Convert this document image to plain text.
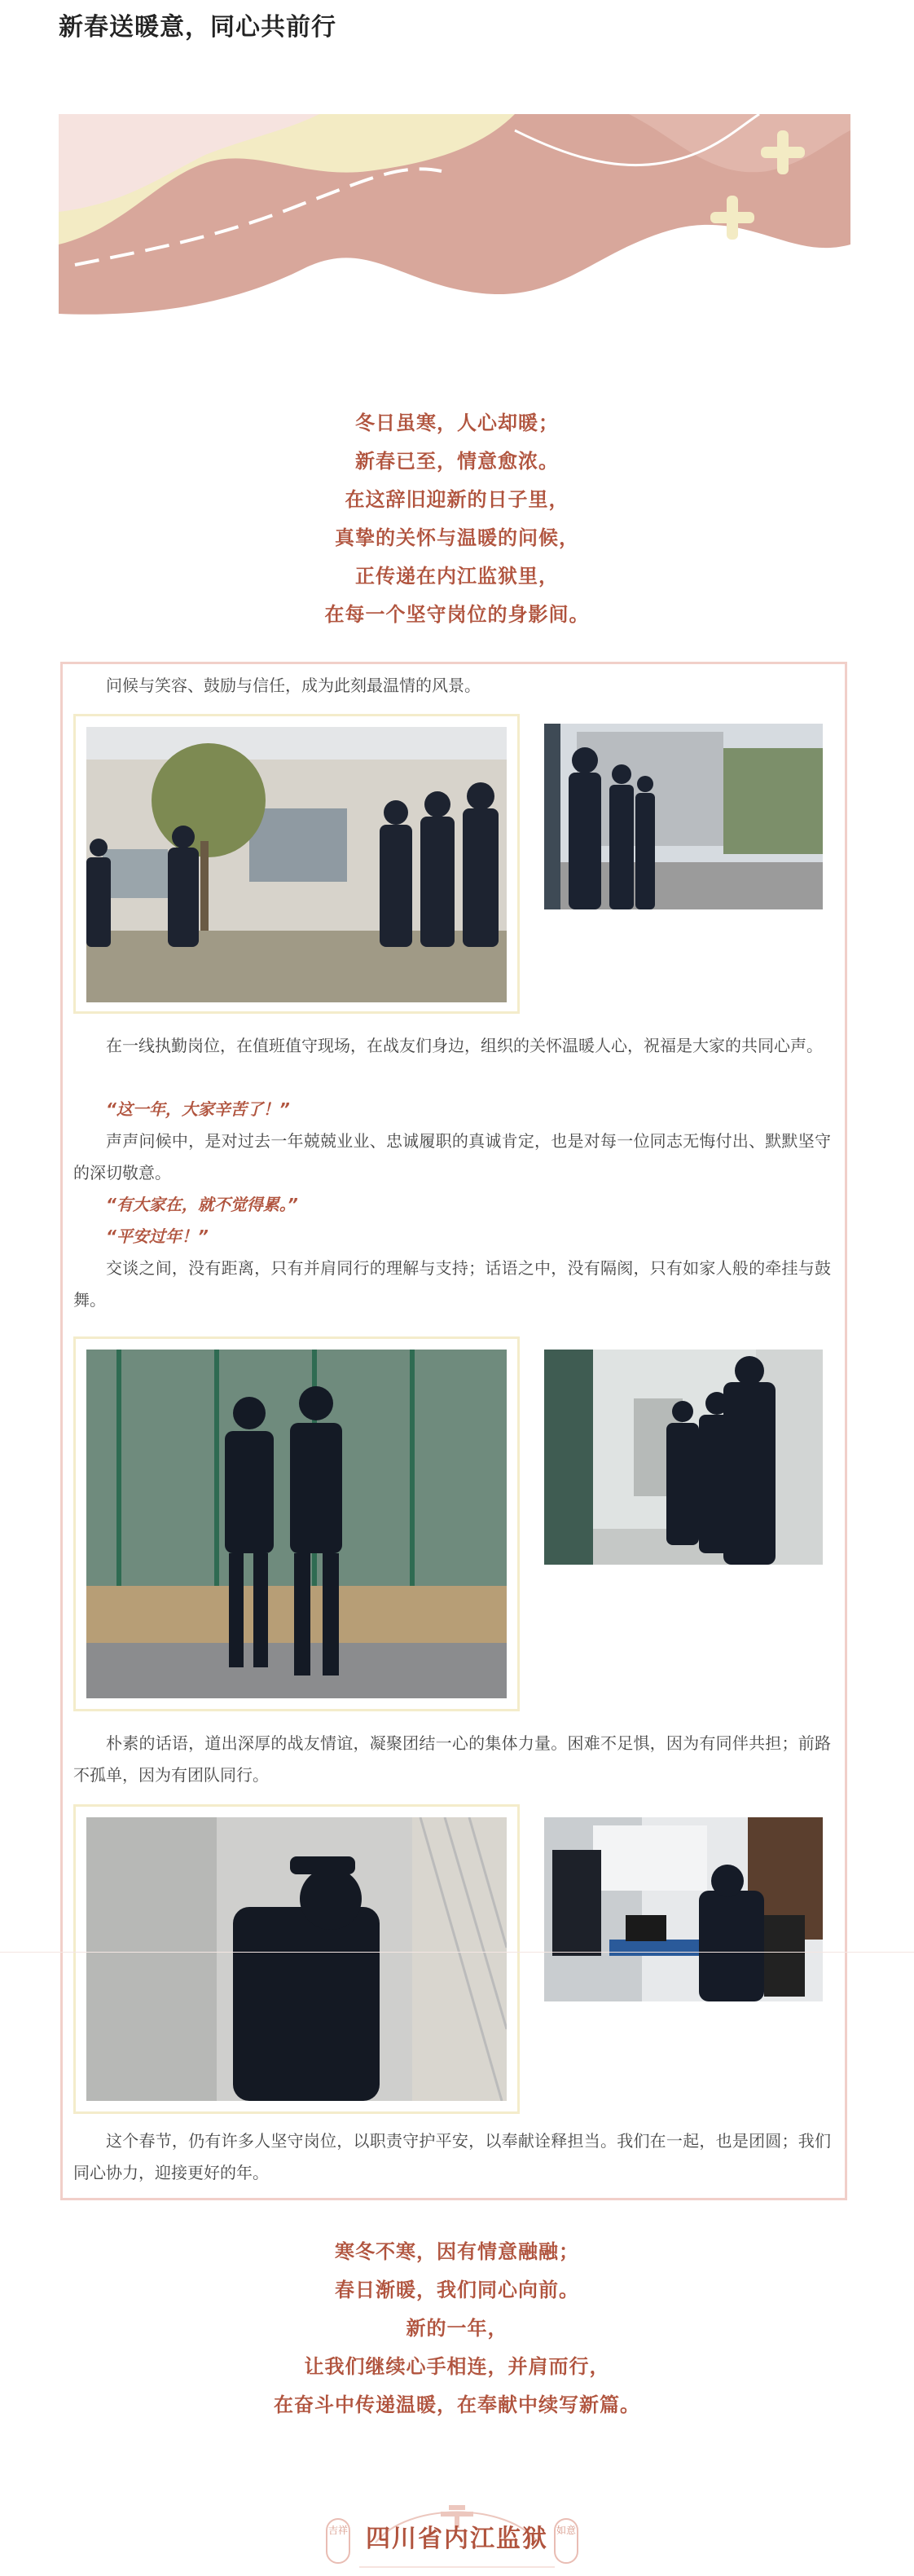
新春送暖意，同心共前行
冬日虽寒，人心却暖；
新春已至，情意愈浓。
在这辞旧迎新的日子里，
真挚的关怀与温暖的问候，
正传递在内江监狱里，
在每一个坚守岗位的身影间。
问候与笑容、鼓励与信任，成为此刻最温情的风景。
在一线执勤岗位，在值班值守现场，在战友们身边，组织的关怀温暖人心，祝福是大家的共同心声。
“这一年，大家辛苦了！”
声声问候中，是对过去一年兢兢业业、忠诚履职的真诚肯定，也是对每一位同志无悔付出、默默坚守的深切敬意。
“有大家在，就不觉得累。”
“平安过年！”
交谈之间，没有距离，只有并肩同行的理解与支持；话语之中，没有隔阂，只有如家人般的牵挂与鼓舞。
朴素的话语，道出深厚的战友情谊，凝聚团结一心的集体力量。困难不足惧，因为有同伴共担；前路不孤单，因为有团队同行。
这个春节，仍有许多人坚守岗位，以职责守护平安，以奉献诠释担当。我们在一起，也是团圆；我们同心协力，迎接更好的年。
寒冬不寒，因有情意融融；
春日渐暖，我们同心向前。
新的一年，
让我们继续心手相连，并肩而行，
在奋斗中传递温暖，在奉献中续写新篇。
吉祥 四川省内江监狱 如意
